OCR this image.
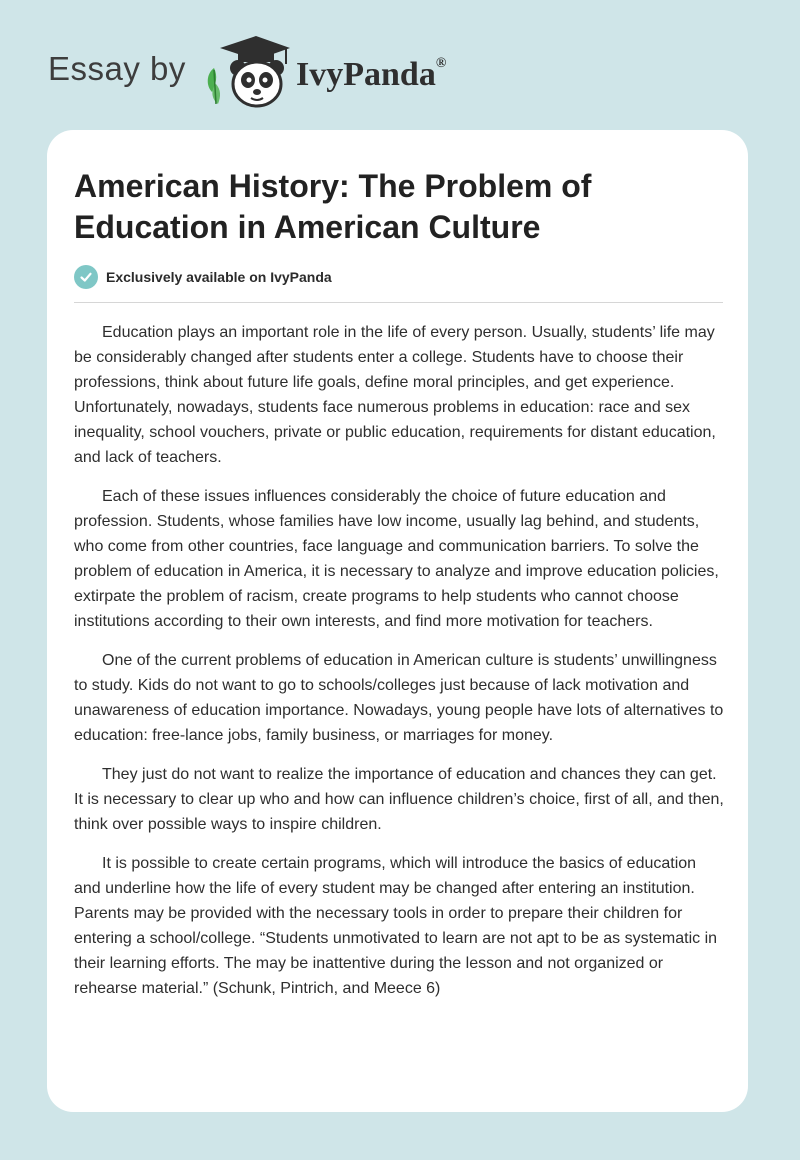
Essay by	IvyPanda®
American History: The Problem of Education in American Culture
Exclusively available on IvyPanda

Education plays an important role in the life of every person. Usually, students’ life may be considerably changed after students enter a college. Students have to choose their professions, think about future life goals, define moral principles, and get experience. Unfortunately, nowadays, students face numerous problems in education: race and sex inequality, school vouchers, private or public education, requirements for distant education, and lack of teachers.

Each of these issues influences considerably the choice of future education and profession. Students, whose families have low income, usually lag behind, and students, who come from other countries, face language and communication barriers. To solve the problem of education in America, it is necessary to analyze and improve education policies, extirpate the problem of racism, create programs to help students who cannot choose institutions according to their own interests, and find more motivation for teachers.

One of the current problems of education in American culture is students’ unwillingness to study. Kids do not want to go to schools/colleges just because of lack motivation and unawareness of education importance. Nowadays, young people have lots of alternatives to education: free-lance jobs, family business, or marriages for money.

They just do not want to realize the importance of education and chances they can get. It is necessary to clear up who and how can influence children’s choice, first of all, and then, think over possible ways to inspire children.

It is possible to create certain programs, which will introduce the basics of education and underline how the life of every student may be changed after entering an institution. Parents may be provided with the necessary tools in order to prepare their children for entering a school/college. “Students unmotivated to learn are not apt to be as systematic in their learning efforts. The may be inattentive during the lesson and not organized or rehearse material.” (Schunk, Pintrich, and Meece 6)
